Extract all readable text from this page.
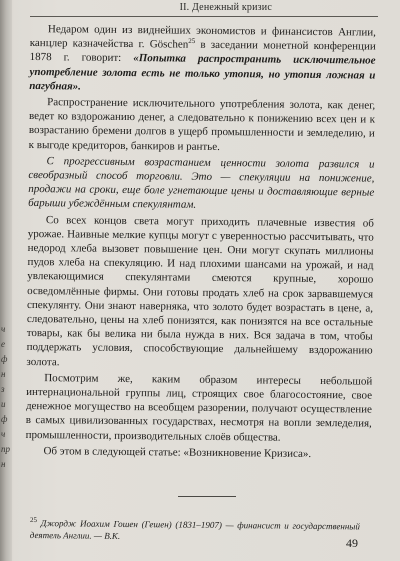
ч
е
ф
н
з
и
ф
ч
пр
н
II. Денежный кризис

Недаром один из виднейших экономистов и финансистов Англии, канцлер казначейства г. Göschen$^{25}$ в заседании монетной конференции 1878 г. говорит: «Попытка распространить исключительное употребление золота есть не только утопия, но утопия ложная и пагубная».

Распространение исключительного употребления золота, как денег, ведет ко вздорожанию денег, а следовательно к понижению всех цен и к возрастанию бремени долгов в ущерб промышленности и земледелию, и к выгоде кредиторов, банкиров и рантье.

С прогрессивным возрастанием ценности золота развился и свеобразный способ торговли. Это — спекуляции на понижение, продажи на сроки, еще боле угнетающие цены и доставляющие верные барыши убеждённым спекулянтам.

Со всех концов света могут приходить плачевные известия об урожае. Наивные мелкие купцы могут с уверенностью рассчитывать, что недород хлеба вызовет повышение цен. Они могут скупать миллионы пудов хлеба на спекуляцию. И над плохими шансами на урожай, и над увлекающимися спекулянтами смеются крупные, хорошо осведомлённые фирмы. Они готовы продать хлеб на срок зарвавшемуся спекулянту. Они знают наверняка, что золото будет возрастать в цене, а, следовательно, цены на хлеб понизятся, как понизятся на все остальные товары, как бы велика ни была нужда в них. Вся задача в том, чтобы поддержать условия, способствующие дальнейшему вздорожанию золота.

Посмотрим же, каким образом интересы небольшой интернациональной группы лиц, строящих свое благосостояние, свое денежное могущество на всеобщем разорении, получают осуществление в самых цивилизованных государствах, несмотря на вопли земледелия, промышленности, производительных слоёв общества.

Об этом в следующей статье: «Возникновение Кризиса».

$^{25}$ Джордж Иоахим Гошен (Гешен) (1831–1907) — финансист и государственный деятель Англии. — В.К.
49
